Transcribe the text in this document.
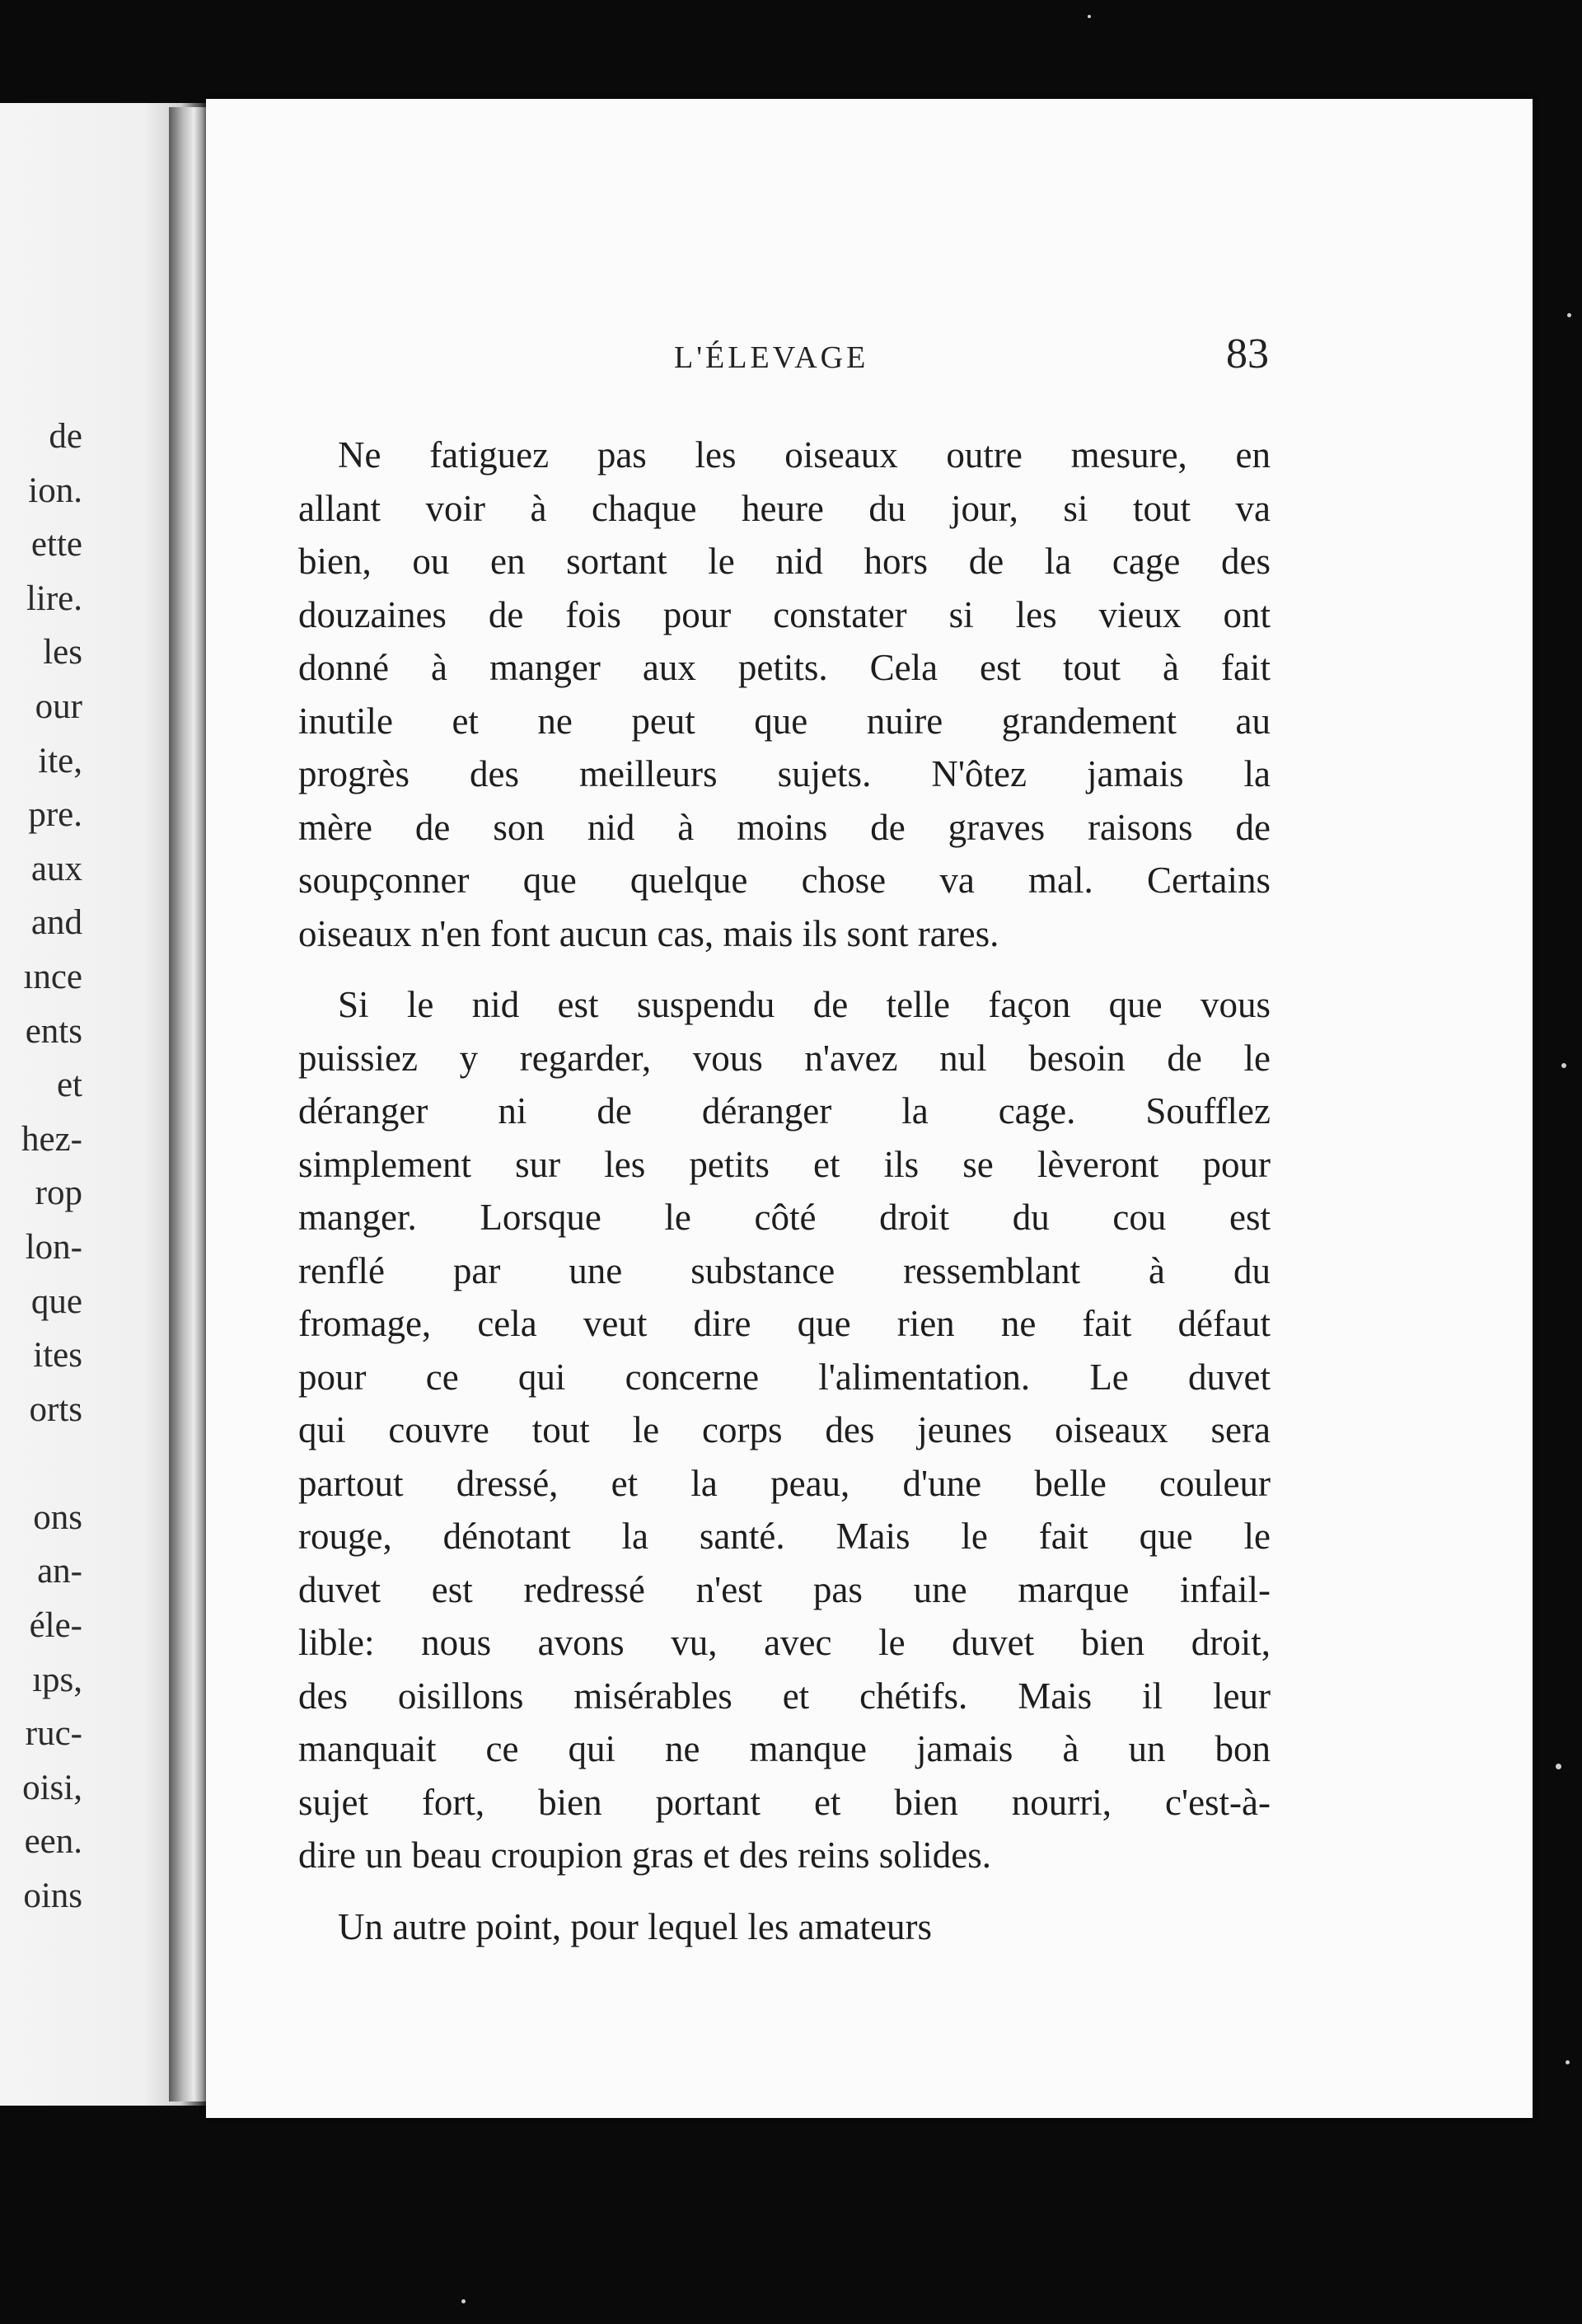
de
ion.
ette
lire.
les
our
ite,
pre.
aux
and
ınce
ents
et
hez-
rop
lon-
que
ites
orts
ons
an-
éle-
ıps,
ruc-
oisi,
een.
oins
L'ÉLEVAGE	83
Ne fatiguez pas les oiseaux outre mesure, en
allant voir à chaque heure du jour, si tout va
bien, ou en sortant le nid hors de la cage des
douzaines de fois pour constater si les vieux ont
donné à manger aux petits. Cela est tout à fait
inutile et ne peut que nuire grandement au
progrès des meilleurs sujets. N'ôtez jamais la
mère de son nid à moins de graves raisons de
soupçonner que quelque chose va mal. Certains
oiseaux n'en font aucun cas, mais ils sont rares.
Si le nid est suspendu de telle façon que vous
puissiez y regarder, vous n'avez nul besoin de le
déranger ni de déranger la cage. Soufflez
simplement sur les petits et ils se lèveront pour
manger. Lorsque le côté droit du cou est
renflé par une substance ressemblant à du
fromage, cela veut dire que rien ne fait défaut
pour ce qui concerne l'alimentation. Le duvet
qui couvre tout le corps des jeunes oiseaux sera
partout dressé, et la peau, d'une belle couleur
rouge, dénotant la santé. Mais le fait que le
duvet est redressé n'est pas une marque infail-
lible: nous avons vu, avec le duvet bien droit,
des oisillons misérables et chétifs. Mais il leur
manquait ce qui ne manque jamais à un bon
sujet fort, bien portant et bien nourri, c'est-à-
dire un beau croupion gras et des reins solides.
Un autre point, pour lequel les amateurs
